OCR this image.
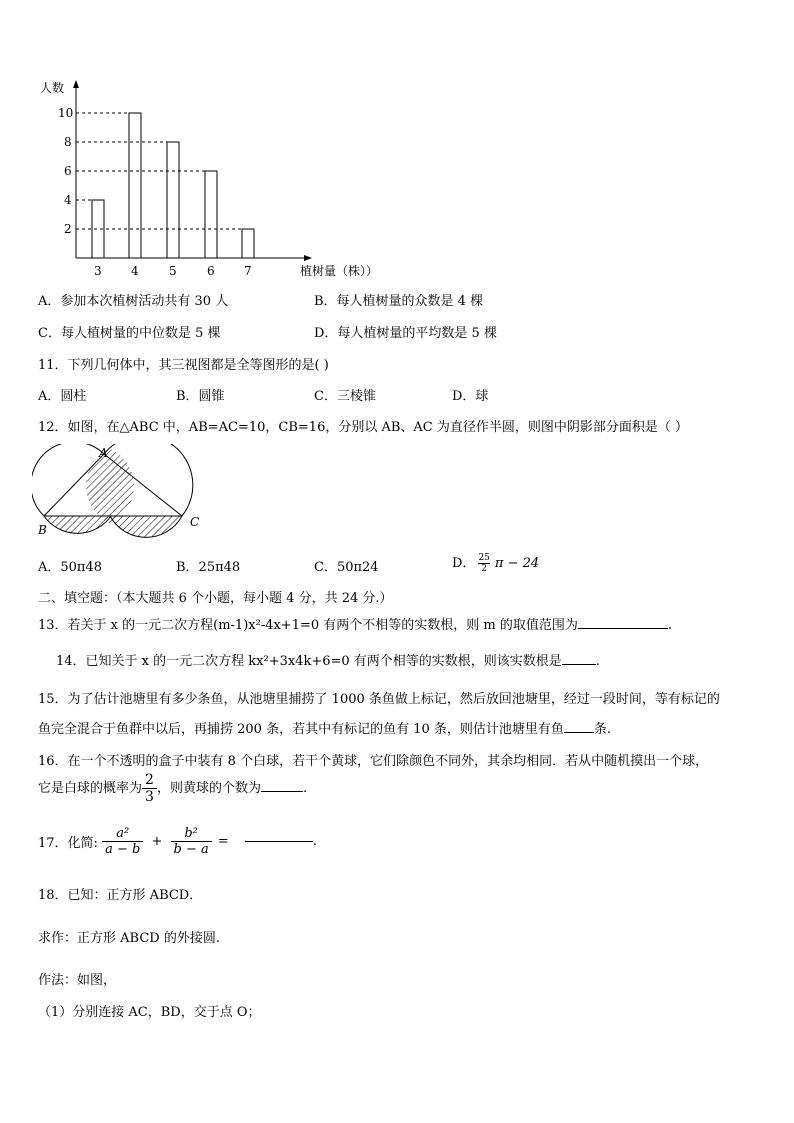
人数
植树量（株））
3 4	5	6 7
2
4
6
8
10
A．参加本次植树活动共有 30 人	B．每人植树量的众数是 4 棵
C．每人植树量的中位数是 5 棵	D．每人植树量的平均数是 5 棵
11．下列几何体中，其三视图都是全等图形的是( )
A．圆柱	B．圆锥	C．三棱锥	D．球
12．如图，在△ABC 中，AB=AC=10，CB=16，分别以 AB、AC 为直径作半圆，则图中阴影部分面积是（ ）
A
B
C
A．50π48	B．25π48	C．50π24	D． $\frac{25}{2}$ π − 24
二、填空题：（本大题共 6 个小题，每小题 4 分，共 24 分.）
13．若关于 x 的一元二次方程(m-1)x²-4x+1=0 有两个不相等的实数根，则 m 的取值范围为	.
14．已知关于 x 的一元二次方程 kx²+3x4k+6=0 有两个相等的实数根，则该实数根是	.
15．为了估计池塘里有多少条鱼，从池塘里捕捞了 1000 条鱼做上标记，然后放回池塘里，经过一段时间，等有标记的
鱼完全混合于鱼群中以后，再捕捞 200 条，若其中有标记的鱼有 10 条，则估计池塘里有鱼 条.
16．在一个不透明的盒子中装有 8 个白球，若干个黄球，它们除颜色不同外，其余均相同．若从中随机摸出一个球，
它是白球的概率为 $\frac{2}{3}$ ，则黄球的个数为	.
17．化简: $\frac{\text{a²}}{a - b} + \frac{\text{b²}}{b - a}$ =	.
18．已知：正方形 ABCD．
求作：正方形 ABCD 的外接圆.
作法：如图，
（1）分别连接 AC，BD，交于点 O；
